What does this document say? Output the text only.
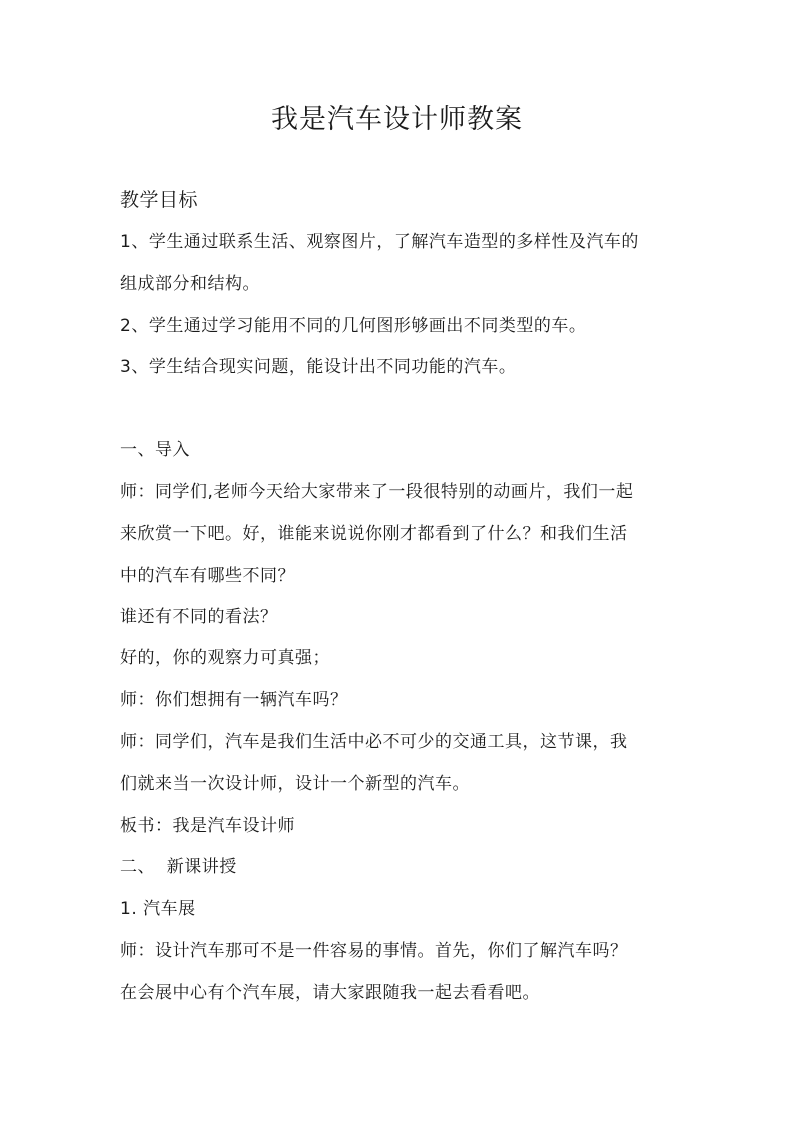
我是汽车设计师教案
教学目标
1、学生通过联系生活、观察图片，了解汽车造型的多样性及汽车的
组成部分和结构。
2、学生通过学习能用不同的几何图形够画出不同类型的车。
3、学生结合现实问题，能设计出不同功能的汽车。
一、导入
师：同学们,老师今天给大家带来了一段很特别的动画片，我们一起
来欣赏一下吧。好，谁能来说说你刚才都看到了什么？和我们生活
中的汽车有哪些不同？
谁还有不同的看法？
好的，你的观察力可真强；
师：你们想拥有一辆汽车吗？
师：同学们，汽车是我们生活中必不可少的交通工具，这节课，我
们就来当一次设计师，设计一个新型的汽车。
板书：我是汽车设计师
二、  新课讲授
1. 汽车展
师：设计汽车那可不是一件容易的事情。首先，你们了解汽车吗？
在会展中心有个汽车展，请大家跟随我一起去看看吧。
